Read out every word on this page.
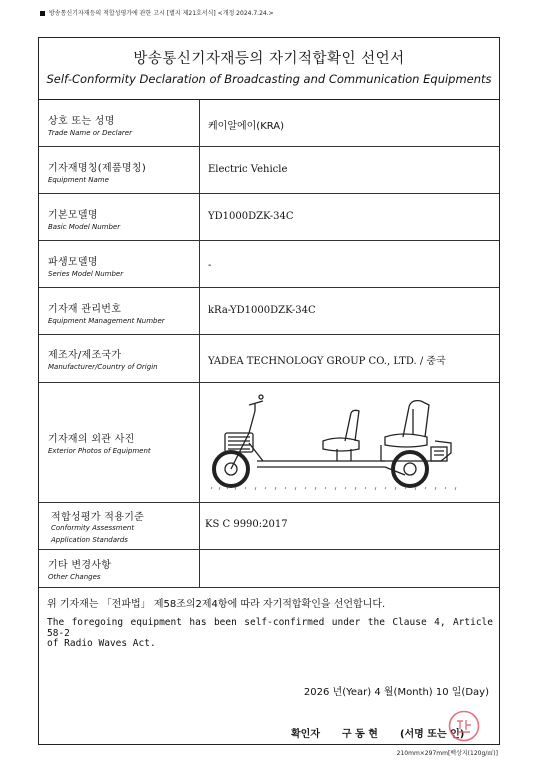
방송통신기자재등의 적합성평가에 관한 고시 [별지 제21호서식] <개정 2024.7.24.>
방송통신기자재등의 자기적합확인 선언서
Self-Conformity Declaration of Broadcasting and Communication Equipments
상호 또는 성명
Trade Name or Declarer
케이알에이(KRA)
기자재명칭(제품명칭)
Equipment Name
Electric Vehicle
기본모델명
Basic Model Number
YD1000DZK-34C
파생모델명
Series Model Number
-
기자재 관리번호
Equipment Management Number
kRa-YD1000DZK-34C
제조자/제조국가
Manufacturer/Country of Origin	YADEA TECHNOLOGY GROUP CO., LTD. / 중국
기자재의 외관 사진
Exterior Photos of Equipment
적합성평가 적용기준
Conformity Assessment
Application Standards
KS C 9990:2017
기타 변경사항
Other Changes
위 기자재는 「전파법」 제58조의2제4항에 따라 자기적합확인을 선언합니다.
The foregoing equipment has been self-confirmed under the Clause 4, Article 58-2
of Radio Waves Act.
2026 년(Year) 4 월(Month) 10 일(Day)
확인자 구 동 현 (서명 또는 인)
210mm×297mm[백상지(120g/㎡)]
